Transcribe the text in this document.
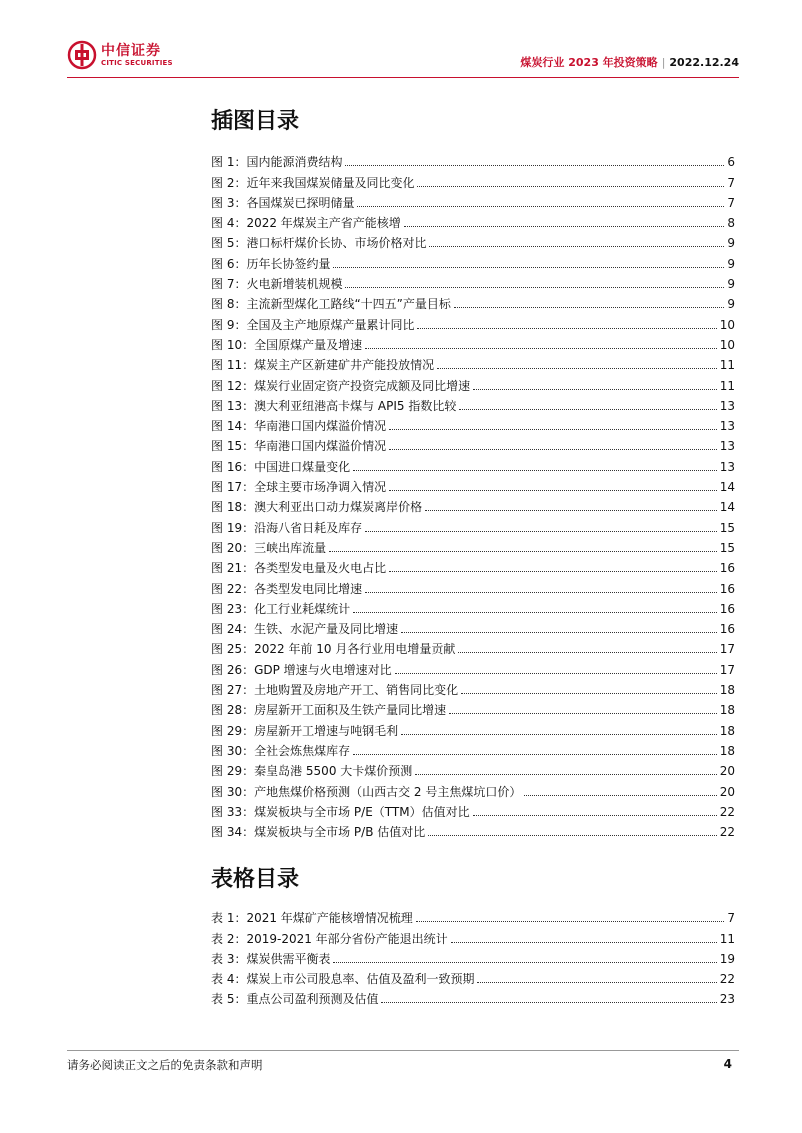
中信证券
CITIC SECURITIES	煤炭行业 2023 年投资策略 | 2022.12.24
插图目录
图 1： 国内能源消费结构	6
图 2： 近年来我国煤炭储量及同比变化	7
图 3： 各国煤炭已探明储量	7
图 4： 2022 年煤炭主产省产能核增	8
图 5： 港口标杆煤价长协、市场价格对比	9
图 6： 历年长协签约量	9
图 7： 火电新增装机规模	9
图 8： 主流新型煤化工路线“十四五”产量目标	9
图 9： 全国及主产地原煤产量累计同比	10
图 10： 全国原煤产量及增速	10
图 11： 煤炭主产区新建矿井产能投放情况	11
图 12： 煤炭行业固定资产投资完成额及同比增速	11
图 13： 澳大利亚纽港高卡煤与 API5 指数比较	13
图 14： 华南港口国内煤溢价情况	13
图 15： 华南港口国内煤溢价情况	13
图 16： 中国进口煤量变化	13
图 17： 全球主要市场净调入情况	14
图 18： 澳大利亚出口动力煤炭离岸价格	14
图 19： 沿海八省日耗及库存	15
图 20： 三峡出库流量	15
图 21： 各类型发电量及火电占比	16
图 22： 各类型发电同比增速	16
图 23： 化工行业耗煤统计	16
图 24： 生铁、水泥产量及同比增速	16
图 25： 2022 年前 10 月各行业用电增量贡献	17
图 26： GDP 增速与火电增速对比	17
图 27： 土地购置及房地产开工、销售同比变化	18
图 28： 房屋新开工面积及生铁产量同比增速	18
图 29： 房屋新开工增速与吨钢毛利	18
图 30： 全社会炼焦煤库存	18
图 29： 秦皇岛港 5500 大卡煤价预测	20
图 30： 产地焦煤价格预测（山西古交 2 号主焦煤坑口价）	20
图 33： 煤炭板块与全市场 P/E（TTM）估值对比	22
图 34： 煤炭板块与全市场 P/B 估值对比	22
表格目录
表 1： 2021 年煤矿产能核增情况梳理	7
表 2： 2019-2021 年部分省份产能退出统计	11
表 3： 煤炭供需平衡表	19
表 4： 煤炭上市公司股息率、估值及盈利一致预期	22
表 5： 重点公司盈利预测及估值	23
请务必阅读正文之后的免责条款和声明	4
